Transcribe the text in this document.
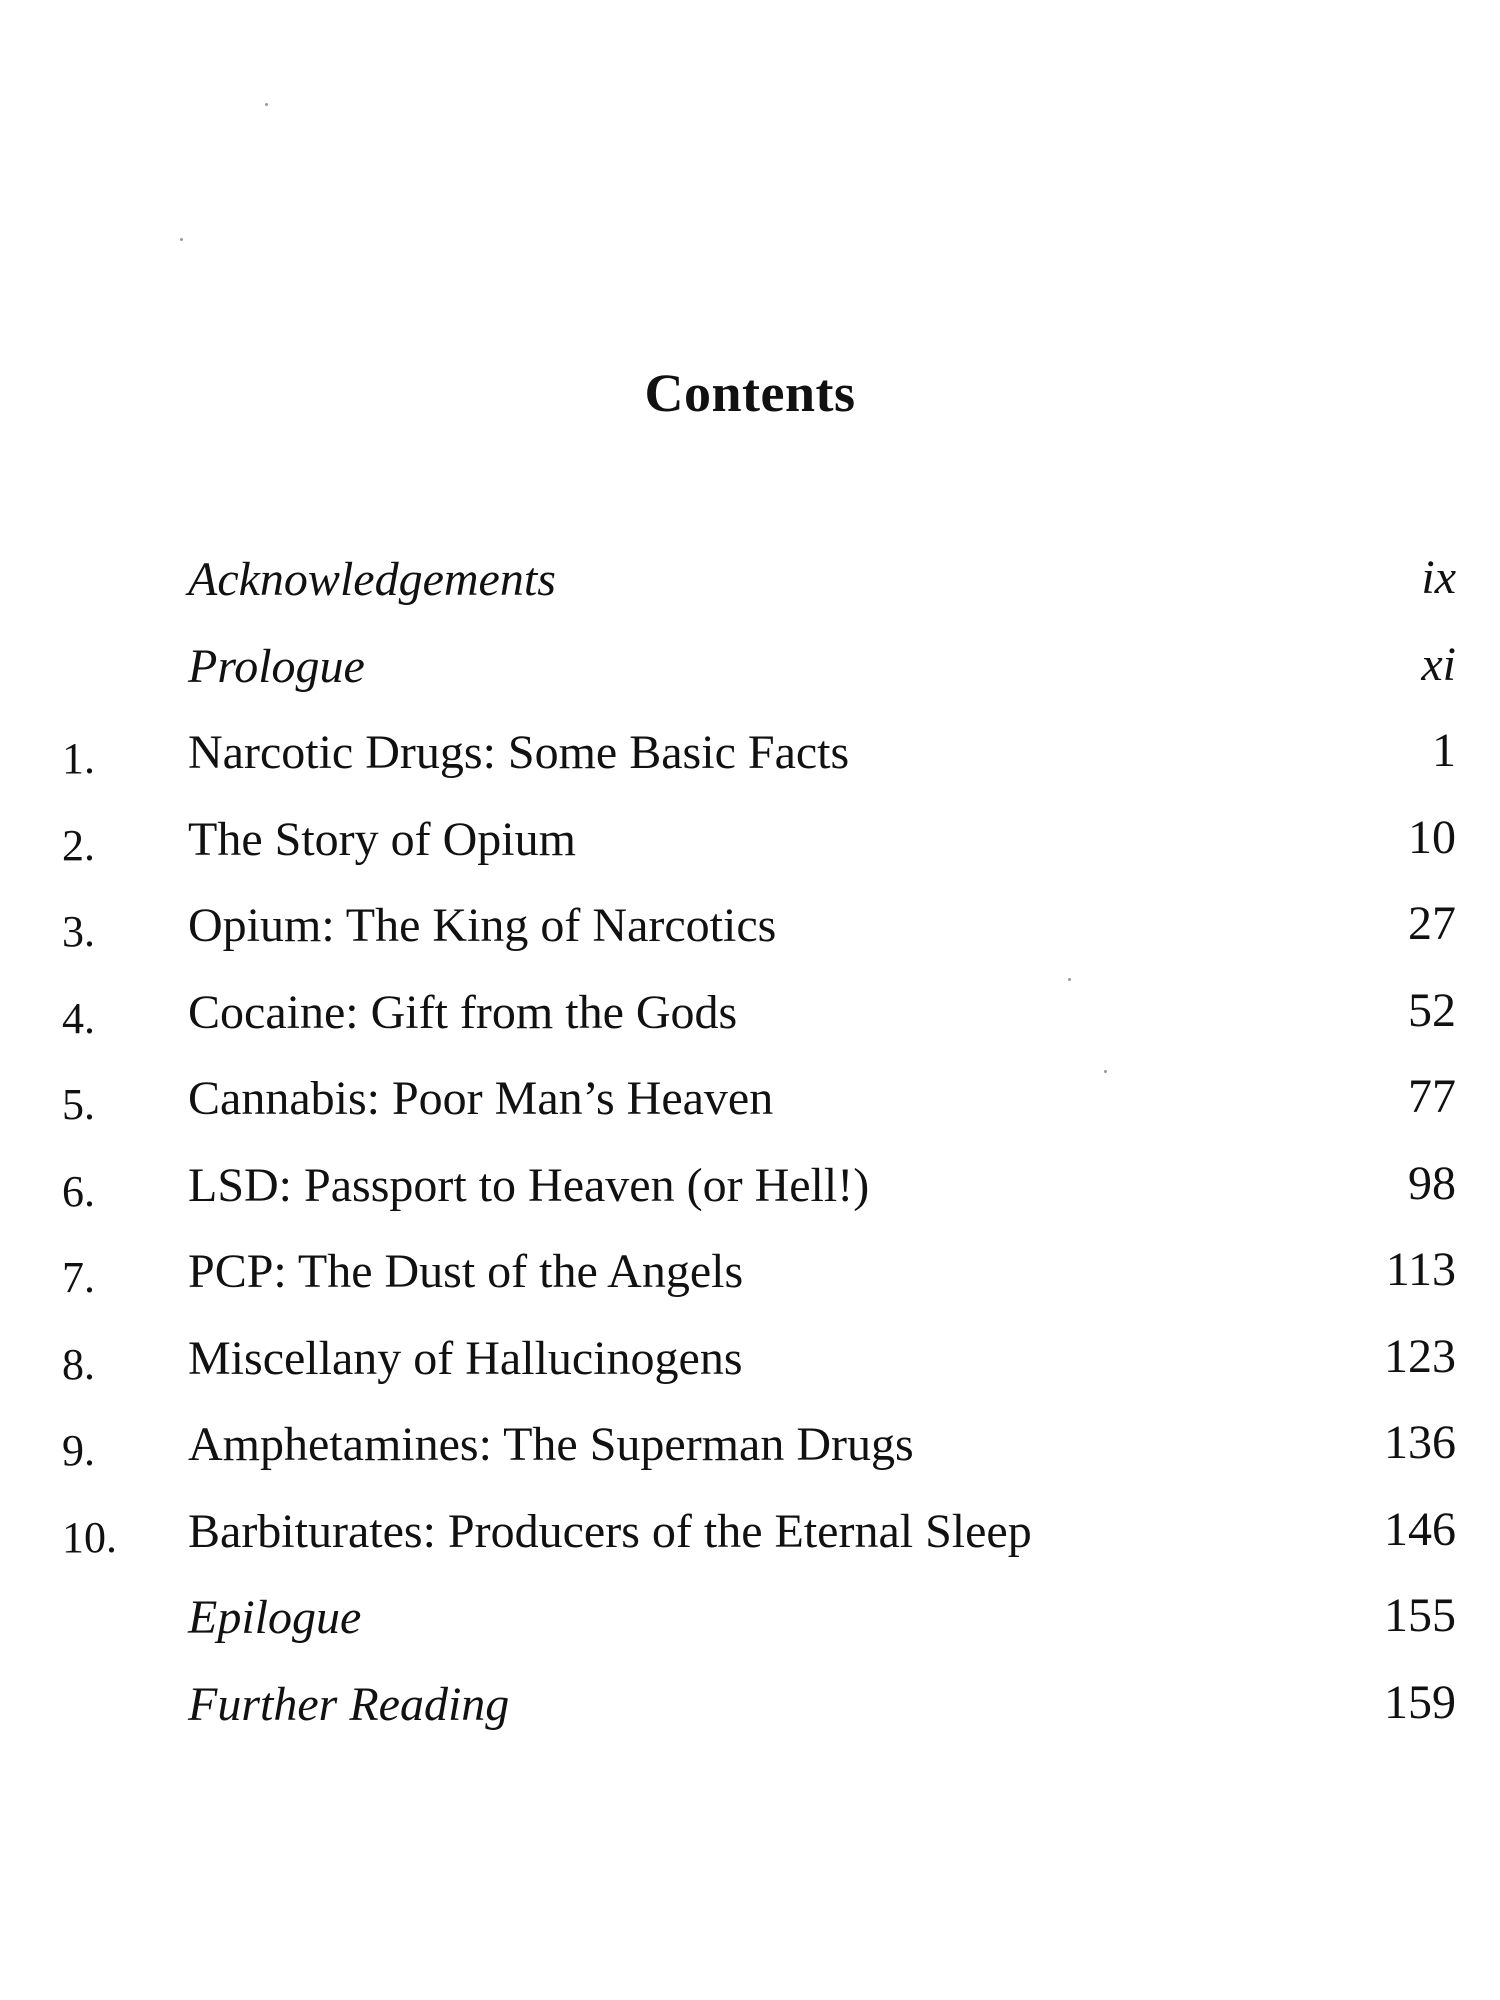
Contents
Acknowledgements	ix
Prologue	xi
1.	Narcotic Drugs: Some Basic Facts	1
2.	The Story of Opium	10
3.	Opium: The King of Narcotics	27
4.	Cocaine: Gift from the Gods	52
5.	Cannabis: Poor Man’s Heaven	77
6.	LSD: Passport to Heaven (or Hell!)	98
7.	PCP: The Dust of the Angels	113
8.	Miscellany of Hallucinogens	123
9.	Amphetamines: The Superman Drugs	136
10.	Barbiturates: Producers of the Eternal Sleep	146
Epilogue	155
Further Reading	159
